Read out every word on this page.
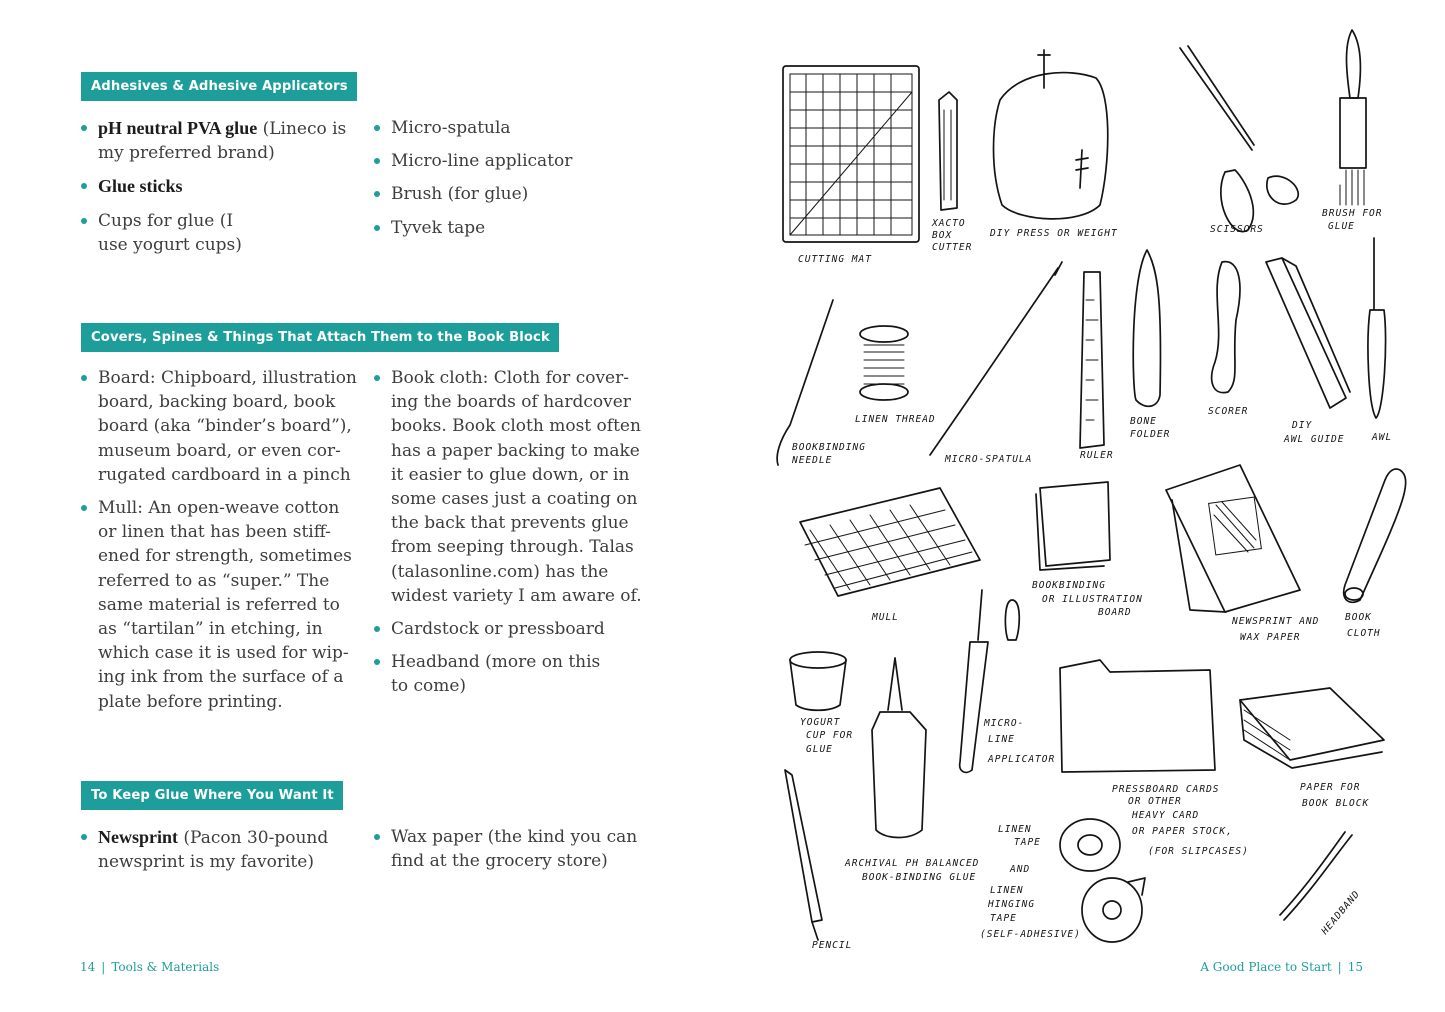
Adhesives & Adhesive Applicators
pH neutral PVA glue (Lineco is my preferred brand)
Glue sticks
Cups for glue (I use yogurt cups)
Micro-spatula
Micro-line applicator
Brush (for glue)
Tyvek tape
Covers, Spines & Things That Attach Them to the Book Block
Board: Chipboard, illustration board, backing board, book board (aka “binder’s board”), museum board, or even cor-rugated cardboard in a pinch
Mull: An open-weave cotton or linen that has been stiff-ened for strength, sometimes referred to as “super.” The same material is referred to as “tartilan” in etching, in which case it is used for wip-ing ink from the surface of a plate before printing.
Book cloth: Cloth for cover-ing the boards of hardcover books. Book cloth most often has a paper backing to make it easier to glue down, or in some cases just a coating on the back that prevents glue from seeping through. Talas (talasonline.com) has the widest variety I am aware of.
Cardstock or pressboard
Headband (more on this to come)
To Keep Glue Where You Want It
Newsprint (Pacon 30-pound newsprint is my favorite)
Wax paper (the kind you can find at the grocery store)
14 | Tools & Materials
CUTTING MAT
XACTO
BOX
CUTTER
DIY PRESS OR WEIGHT	SCISSORS
BRUSH FOR
GLUE
BOOKBINDING
NEEDLE
LINEN THREAD
MICRO-SPATULA	RULER
BONE
FOLDER
SCORER
DIY
AWL GUIDE	AWL
MULL
BOOKBINDING
OR ILLUSTRATION
BOARD
NEWSPRINT AND
WAX PAPER
BOOK
CLOTH
YOGURT
CUP FOR
GLUE
MICRO-
LINE
APPLICATOR
PRESSBOARD CARDS
OR OTHER
HEAVY CARD
OR PAPER STOCK,
(FOR SLIPCASES)
PAPER FOR
BOOK BLOCK
ARCHIVAL PH BALANCED
BOOK-BINDING GLUE
LINEN
TAPE
AND
LINEN
HINGING
TAPE
(SELF-ADHESIVE)	HEADBAND
PENCIL
A Good Place to Start | 15
